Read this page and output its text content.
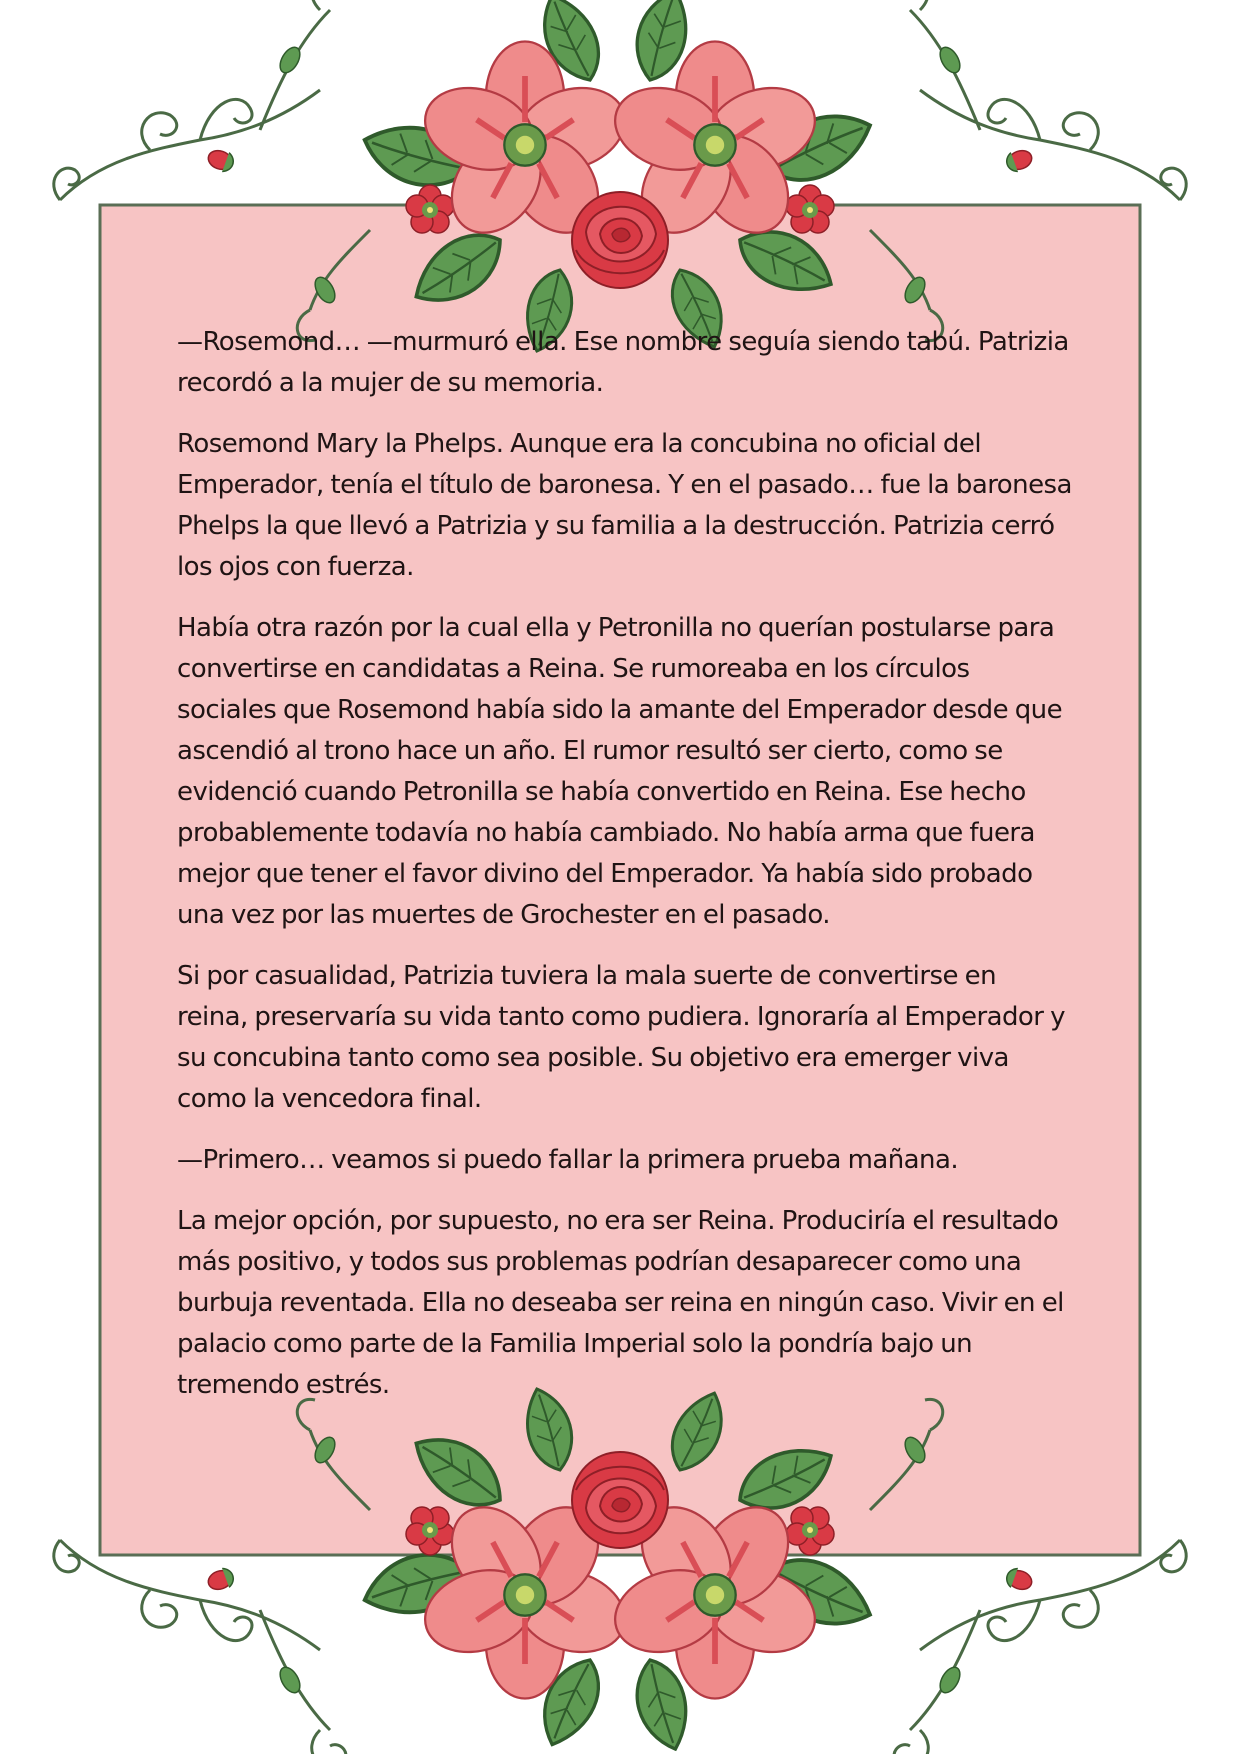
—Rosemond… —murmuró ella. Ese nombre seguía siendo tabú. Patrizia recordó a la mujer de su memoria.

Rosemond Mary la Phelps. Aunque era la concubina no oficial del Emperador, tenía el título de baronesa. Y en el pasado… fue la baronesa Phelps la que llevó a Patrizia y su familia a la destrucción. Patrizia cerró los ojos con fuerza.

Había otra razón por la cual ella y Petronilla no querían postularse para convertirse en candidatas a Reina. Se rumoreaba en los círculos sociales que Rosemond había sido la amante del Emperador desde que ascendió al trono hace un año. El rumor resultó ser cierto, como se evidenció cuando Petronilla se había convertido en Reina. Ese hecho probablemente todavía no había cambiado. No había arma que fuera mejor que tener el favor divino del Emperador. Ya había sido probado una vez por las muertes de Grochester en el pasado.

Si por casualidad, Patrizia tuviera la mala suerte de convertirse en reina, preservaría su vida tanto como pudiera. Ignoraría al Emperador y su concubina tanto como sea posible. Su objetivo era emerger viva como la vencedora final.

—Primero… veamos si puedo fallar la primera prueba mañana.

La mejor opción, por supuesto, no era ser Reina. Produciría el resultado más positivo, y todos sus problemas podrían desaparecer como una burbuja reventada. Ella no deseaba ser reina en ningún caso. Vivir en el palacio como parte de la Familia Imperial solo la pondría bajo un tremendo estrés.
